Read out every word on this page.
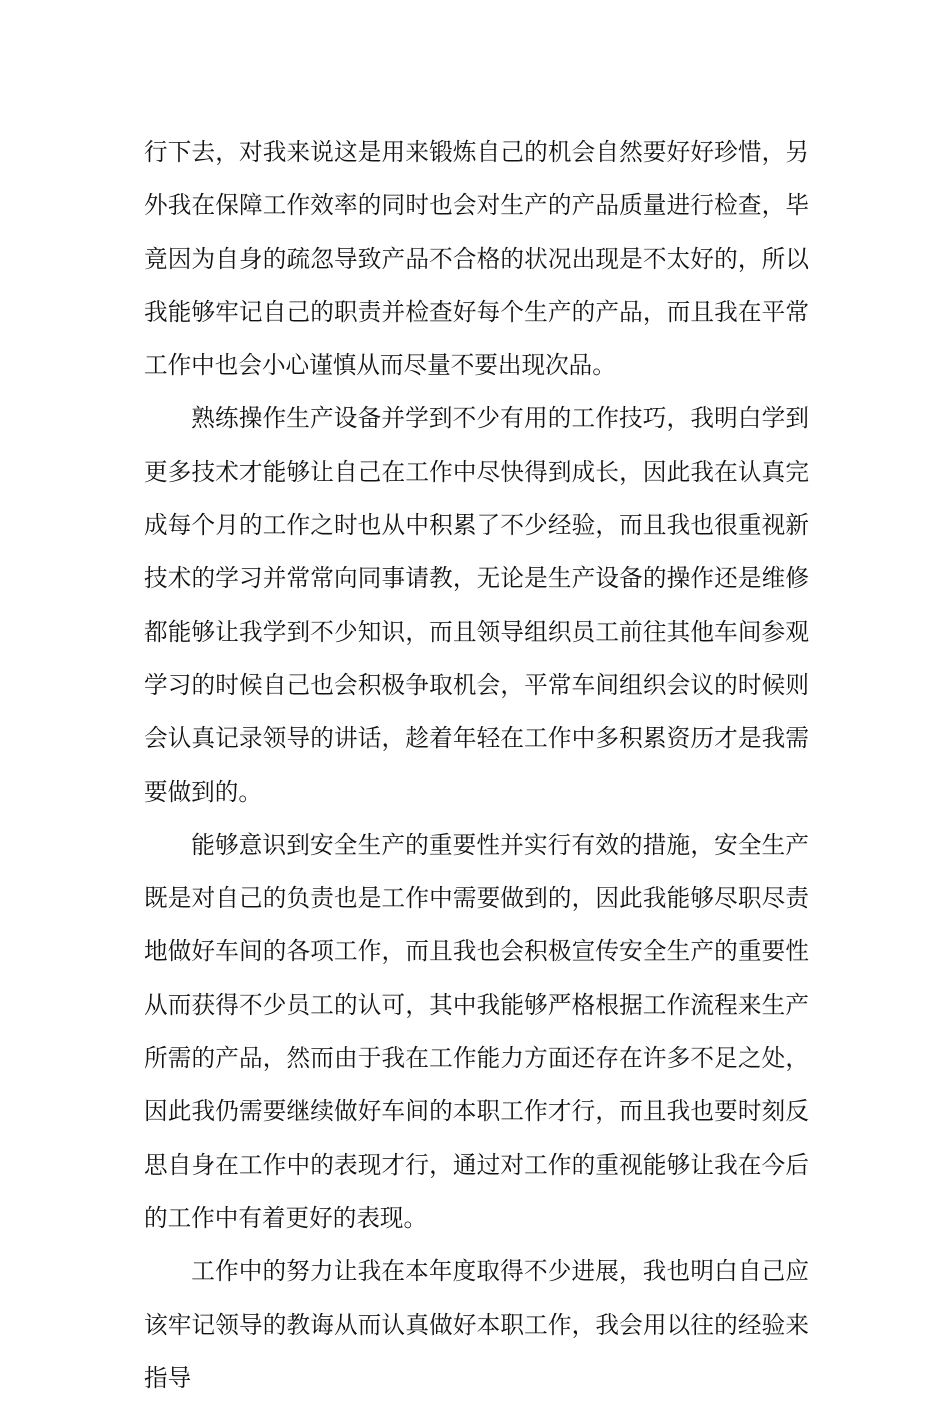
行下去，对我来说这是用来锻炼自己的机会自然要好好珍惜，另外我在保障工作效率的同时也会对生产的产品质量进行检查，毕竟因为自身的疏忽导致产品不合格的状况出现是不太好的，所以我能够牢记自己的职责并检查好每个生产的产品，而且我在平常工作中也会小心谨慎从而尽量不要出现次品。

熟练操作生产设备并学到不少有用的工作技巧，我明白学到更多技术才能够让自己在工作中尽快得到成长，因此我在认真完成每个月的工作之时也从中积累了不少经验，而且我也很重视新技术的学习并常常向同事请教，无论是生产设备的操作还是维修都能够让我学到不少知识，而且领导组织员工前往其他车间参观学习的时候自己也会积极争取机会，平常车间组织会议的时候则会认真记录领导的讲话，趁着年轻在工作中多积累资历才是我需要做到的。

能够意识到安全生产的重要性并实行有效的措施，安全生产既是对自己的负责也是工作中需要做到的，因此我能够尽职尽责地做好车间的各项工作，而且我也会积极宣传安全生产的重要性从而获得不少员工的认可，其中我能够严格根据工作流程来生产所需的产品，然而由于我在工作能力方面还存在许多不足之处，因此我仍需要继续做好车间的本职工作才行，而且我也要时刻反思自身在工作中的表现才行，通过对工作的重视能够让我在今后的工作中有着更好的表现。

工作中的努力让我在本年度取得不少进展，我也明白自己应该牢记领导的教诲从而认真做好本职工作，我会用以往的经验来指导
